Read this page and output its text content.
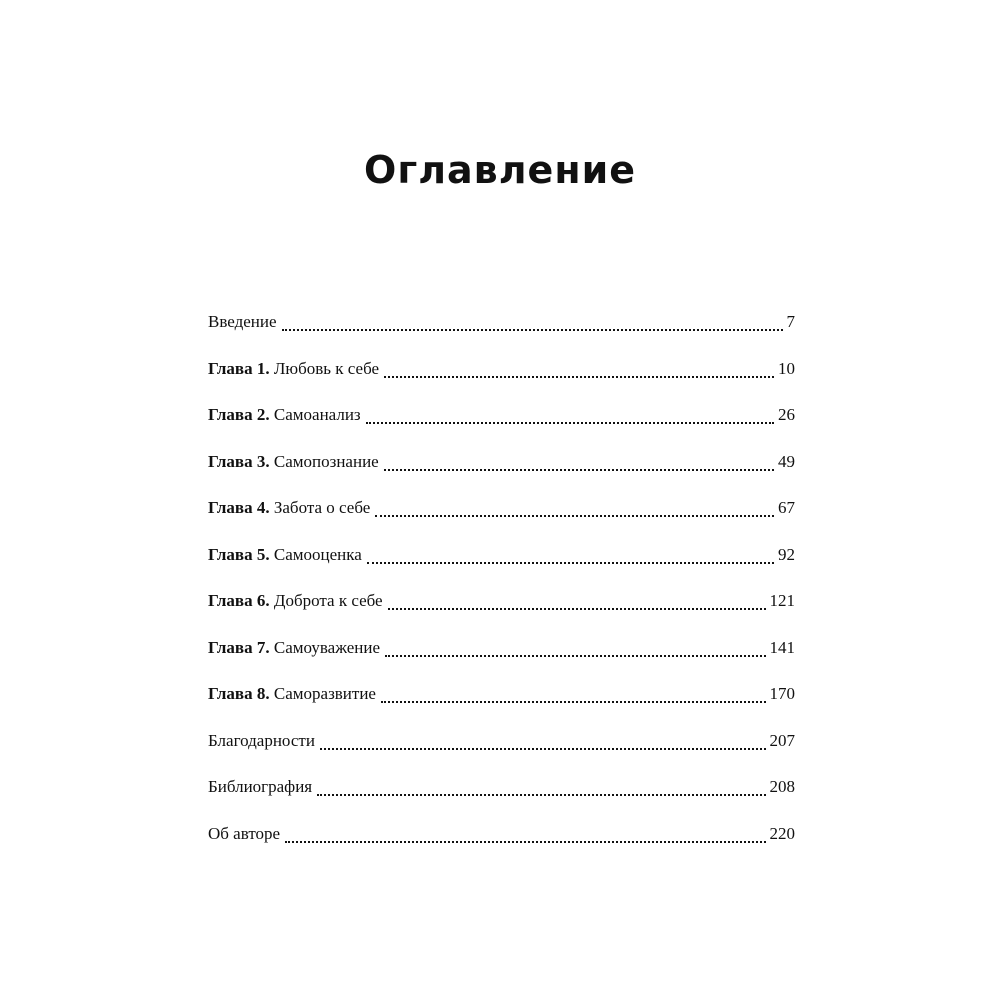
Оглавление
Введение	7
Глава 1. Любовь к себе	10
Глава 2. Самоанализ	26
Глава 3. Самопознание	49
Глава 4. Забота о себе	67
Глава 5. Самооценка	92
Глава 6. Доброта к себе	121
Глава 7. Самоуважение	141
Глава 8. Саморазвитие	170
Благодарности	207
Библиография	208
Об авторе	220
